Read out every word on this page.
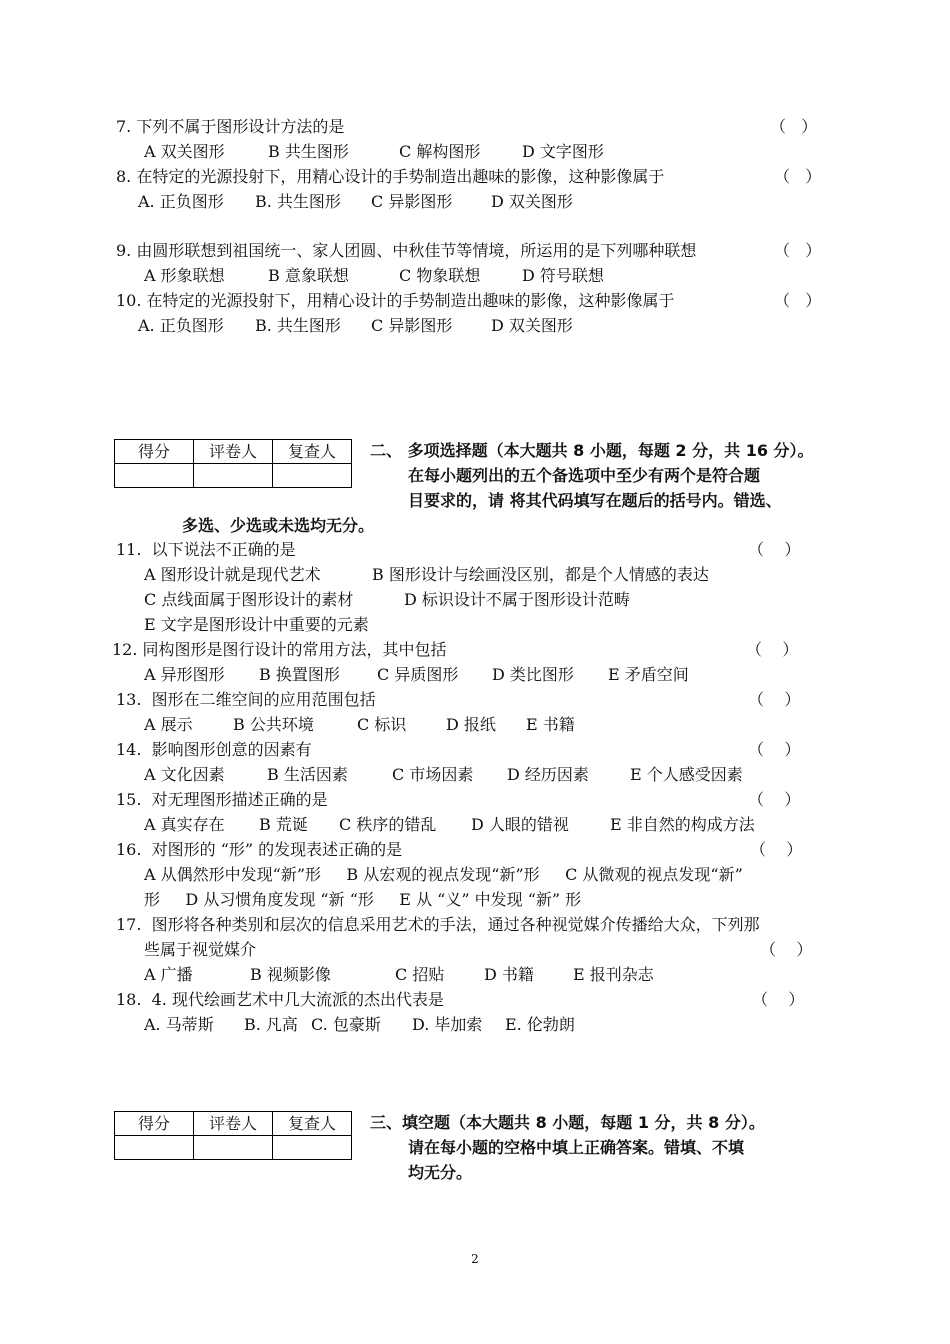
7. 下列不属于图形设计方法的是	（   ）
A 双关图形	B 共生图形	C 解构图形	D 文字图形
8. 在特定的光源投射下，用精心设计的手势制造出趣味的影像，这种影像属于	（   ）
A. 正负图形 B. 共生图形 C 异影图形 D 双关图形
9. 由圆形联想到祖国统一、家人团圆、中秋佳节等情境，所运用的是下列哪种联想	（   ）
A 形象联想	B 意象联想	C 物象联想	D 符号联想
10. 在特定的光源投射下，用精心设计的手势制造出趣味的影像，这种影像属于	（   ）
A. 正负图形 B. 共生图形 C 异影图形 D 双关图形
得分	评卷人	复查人
		二、 多项选择题（本大题共 8 小题，每题 2 分，共 16 分）。
在每小题列出的五个备选项中至少有两个是符合题
目要求的，请 将其代码填写在题后的括号内。错选、
多选、少选或未选均无分。
11.  以下说法不正确的是	（    ）
A 图形设计就是现代艺术	B 图形设计与绘画没区别，都是个人情感的表达
C 点线面属于图形设计的素材	D 标识设计不属于图形设计范畴
E 文字是图形设计中重要的元素
12. 同构图形是图行设计的常用方法，其中包括	（    ）
A 异形图形 B 换置图形 C 异质图形 D 类比图形 E 矛盾空间
13.  图形在二维空间的应用范围包括	（    ）
A 展示	B 公共环境	C 标识 D 报纸 E 书籍
14.  影响图形创意的因素有	（    ）
A 文化因素	B 生活因素	C 市场因素 D 经历因素	E 个人感受因素
15.  对无理图形描述正确的是	（    ）
A 真实存在 B 荒诞 C 秩序的错乱 D 人眼的错视	E 非自然的构成方法
16.  对图形的 “形” 的发现表述正确的是	（    ）
A 从偶然形中发现“新”形     B 从宏观的视点发现“新”形     C 从微观的视点发现“新”
形     D 从习惯角度发现 “新 “形     E 从 “义” 中发现 “新” 形
17.  图形将各种类别和层次的信息采用艺术的手法，通过各种视觉媒介传播给大众，下列那
些属于视觉媒介	（    ）
A 广播	B 视频影像	C 招贴 D 书籍 E 报刊杂志
18.  4. 现代绘画艺术中几大流派的杰出代表是	（    ）
A. 马蒂斯 B. 凡高 C. 包豪斯 D. 毕加索 E. 伦勃朗
得分	评卷人	复查人
		三、填空题（本大题共 8 小题，每题 1 分，共 8 分）。
请在每小题的空格中填上正确答案。错填、不填
均无分。
2
